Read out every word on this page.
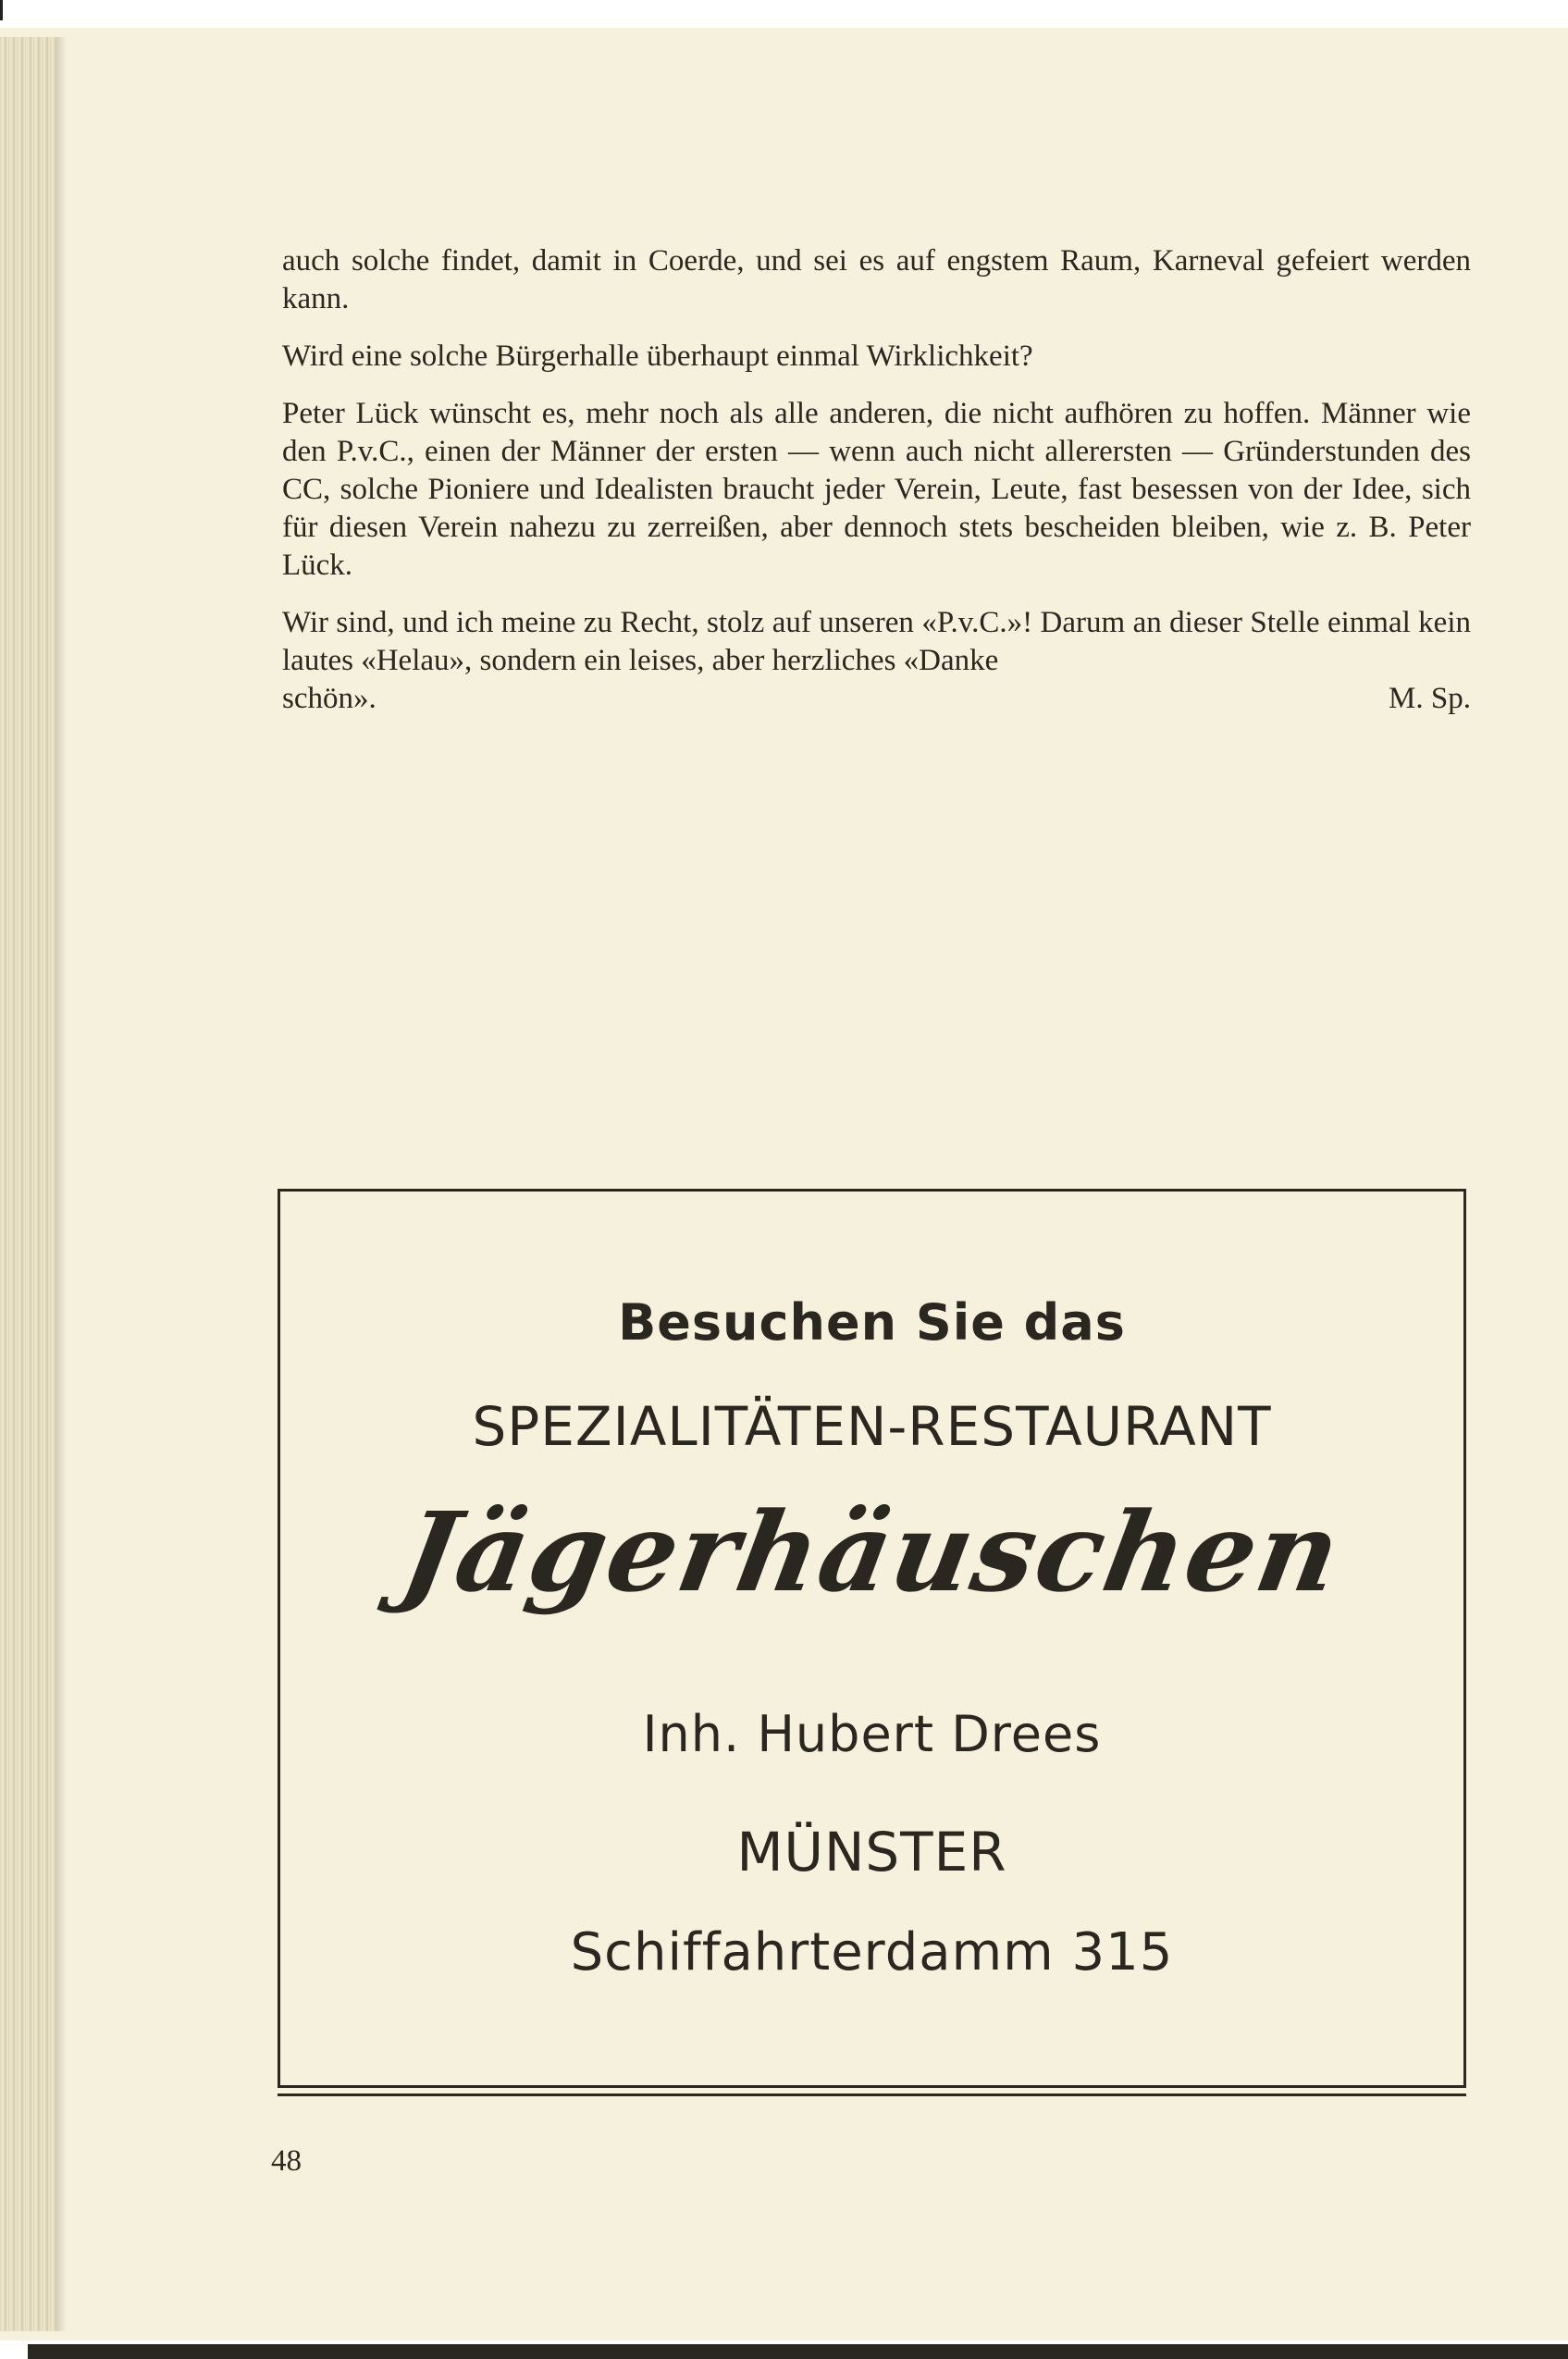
auch solche findet, damit in Coerde, und sei es auf engstem Raum, Karneval gefeiert werden kann.

Wird eine solche Bürgerhalle überhaupt einmal Wirklichkeit?

Peter Lück wünscht es, mehr noch als alle anderen, die nicht aufhören zu hoffen. Männer wie den P.v.C., einen der Männer der ersten — wenn auch nicht allerersten — Gründerstunden des CC, solche Pioniere und Idealisten braucht jeder Verein, Leute, fast besessen von der Idee, sich für diesen Verein nahezu zu zerreißen, aber dennoch stets bescheiden bleiben, wie z. B. Peter Lück.

Wir sind, und ich meine zu Recht, stolz auf unseren «P.v.C.»! Darum an dieser Stelle einmal kein lautes «Helau», sondern ein leises, aber herzliches «Danke

schön».	M. Sp.
Besuchen Sie das
SPEZIALITÄTEN-RESTAURANT
Jägerhäuschen
Inh. Hubert Drees
MÜNSTER
Schiffahrterdamm 315
48
